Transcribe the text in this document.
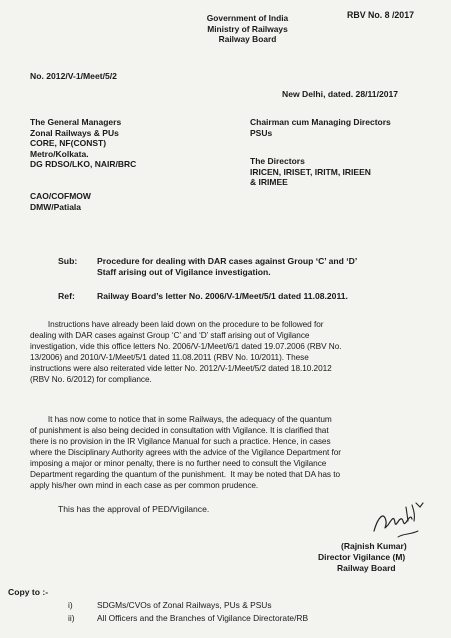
Government of India
Ministry of Railways
Railway Board
RBV No. 8 /2017
No. 2012/V-1/Meet/5/2
New Delhi, dated. 28/11/2017
The General Managers
Zonal Railways & PUs
CORE, NF(CONST)
Metro/Kolkata.
DG RDSO/LKO, NAIR/BRC
CAO/COFMOW
DMW/Patiala
Chairman cum Managing Directors
PSUs
The Directors
IRICEN, IRISET, IRITM, IRIEEN
& IRIMEE
Sub: Procedure for dealing with DAR cases against Group ‘C’ and ‘D’
Staff arising out of Vigilance investigation.
Ref:	Railway Board’s letter No. 2006/V-1/Meet/5/1 dated 11.08.2011.
Instructions have already been laid down on the procedure to be followed for
dealing with DAR cases against Group ‘C’ and ‘D’ staff arising out of Vigilance
investigation, vide this office letters No. 2006/V-1/Meet/6/1 dated 19.07.2006 (RBV No.
13/2006) and 2010/V-1/Meet/5/1 dated 11.08.2011 (RBV No. 10/2011). These
instructions were also reiterated vide letter No. 2012/V-1/Meet/5/2 dated 18.10.2012
(RBV No. 6/2012) for compliance.
It has now come to notice that in some Railways, the adequacy of the quantum
of punishment is also being decided in consultation with Vigilance. It is clarified that
there is no provision in the IR Vigilance Manual for such a practice. Hence, in cases
where the Disciplinary Authority agrees with the advice of the Vigilance Department for
imposing a major or minor penalty, there is no further need to consult the Vigilance
Department regarding the quantum of the punishment.  It may be noted that DA has to
apply his/her own mind in each case as per common prudence.
This has the approval of PED/Vigilance.
(Rajnish Kumar)
Director Vigilance (M)
Railway Board
Copy to :-
i)	SDGMs/CVOs of Zonal Railways, PUs & PSUs
ii)	All Officers and the Branches of Vigilance Directorate/RB
